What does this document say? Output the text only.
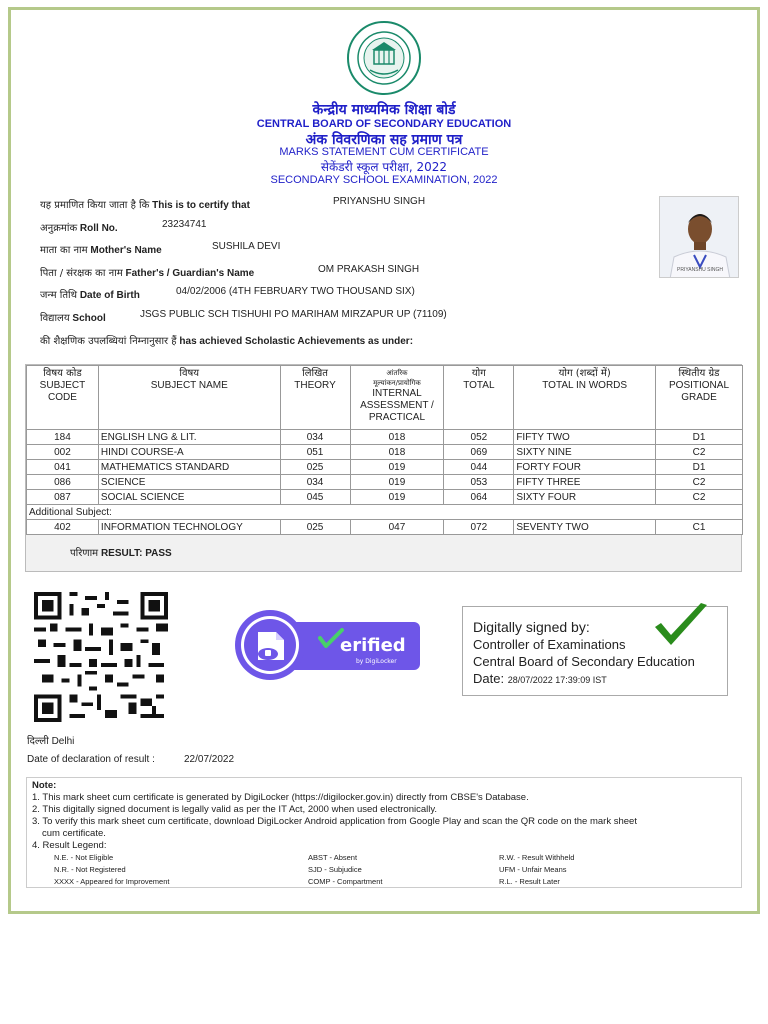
केन्द्रीय माध्यमिक शिक्षा बोर्ड
CENTRAL BOARD OF SECONDARY EDUCATION
अंक विवरणिका सह प्रमाण पत्र
MARKS STATEMENT CUM CERTIFICATE
सेकेंडरी स्कूल परीक्षा, 2022
SECONDARY SCHOOL EXAMINATION, 2022
यह प्रमाणित किया जाता है कि This is to certify that	PRIYANSHU SINGH
अनुक्रमांक Roll No.	23234741
माता का नाम Mother's Name	SUSHILA DEVI
पिता / संरक्षक का नाम Father's / Guardian's Name	OM PRAKASH SINGH
जन्म तिथि Date of Birth	04/02/2006 (4TH FEBRUARY TWO THOUSAND SIX)
विद्यालय School	JSGS PUBLIC SCH TISHUHI PO MARIHAM MIRZAPUR UP (71109)
की शैक्षणिक उपलब्धियां निम्नानुसार हैं has achieved Scholastic Achievements as under:
PRIYANSHU SINGH
विषय कोड
SUBJECT
CODE	विषय
SUBJECT NAME	लिखित
THEORY	आंतरिक
मूल्यांकन/प्रायोगिक
INTERNAL
ASSESSMENT /
PRACTICAL	योग
TOTAL	योग (शब्दों में)
TOTAL IN WORDS	स्थितीय ग्रेड
POSITIONAL
GRADE
184	ENGLISH LNG & LIT.	034	018	052	FIFTY TWO	D1
002	HINDI COURSE-A	051	018	069	SIXTY NINE	C2
041	MATHEMATICS STANDARD	025	019	044	FORTY FOUR	D1
086	SCIENCE	034	019	053	FIFTY THREE	C2
087	SOCIAL SCIENCE	045	019	064	SIXTY FOUR	C2
Additional Subject:						
402	INFORMATION TECHNOLOGY	025	047	072	SEVENTY TWO	C1
परिणाम RESULT: PASS
erified
by DigiLocker
Digitally signed by:
Controller of Examinations
Central Board of Secondary Education
Date: 28/07/2022 17:39:09 IST
दिल्ली Delhi
Date of declaration of result :	22/07/2022
Note:
1. This mark sheet cum certificate is generated by DigiLocker (https://digilocker.gov.in) directly from CBSE's Database.
2. This digitally signed document is legally valid as per the IT Act, 2000 when used electronically.
3. To verify this mark sheet cum certificate, download DigiLocker Android application from Google Play and scan the QR code on the mark sheet
cum certificate.
4. Result Legend:
N.E. - Not Eligible
N.R. - Not Registered
XXXX - Appeared for Improvement
ABST - Absent
SJD - Subjudice
COMP - Compartment
R.W. - Result Withheld
UFM - Unfair Means
R.L. - Result Later
